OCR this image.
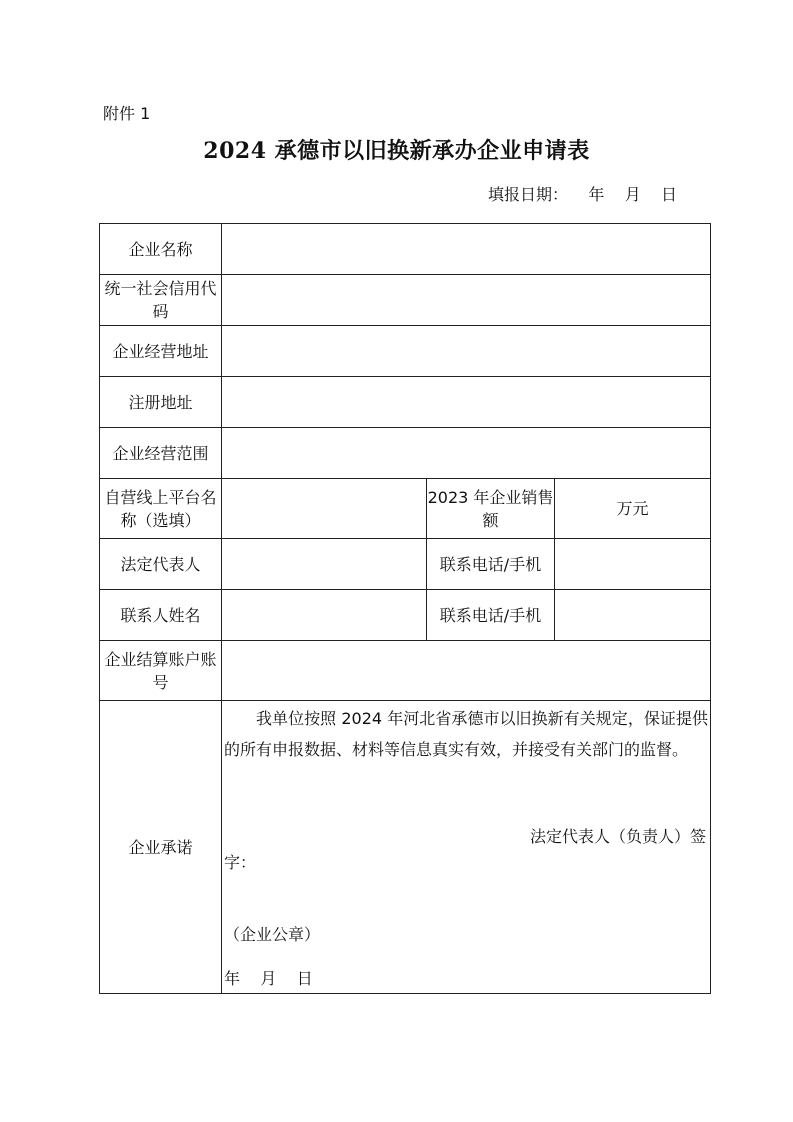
附件 1
2024 承德市以旧换新承办企业申请表
填报日期：    年    月    日
企业名称			
统一社会信用代码			
企业经营地址			
注册地址			
企业经营范围			
自营线上平台名称（选填）		2023 年企业销售额	万元
法定代表人		联系电话/手机	
联系人姓名		联系电话/手机	
企业结算账户账号			
企业承诺	我单位按照 2024 年河北省承德市以旧换新有关规定，保证提供的所有申报数据、材料等信息真实有效，并接受有关部门的监督。

法定代表人（负责人）签
字：
（企业公章）
年    月    日		
